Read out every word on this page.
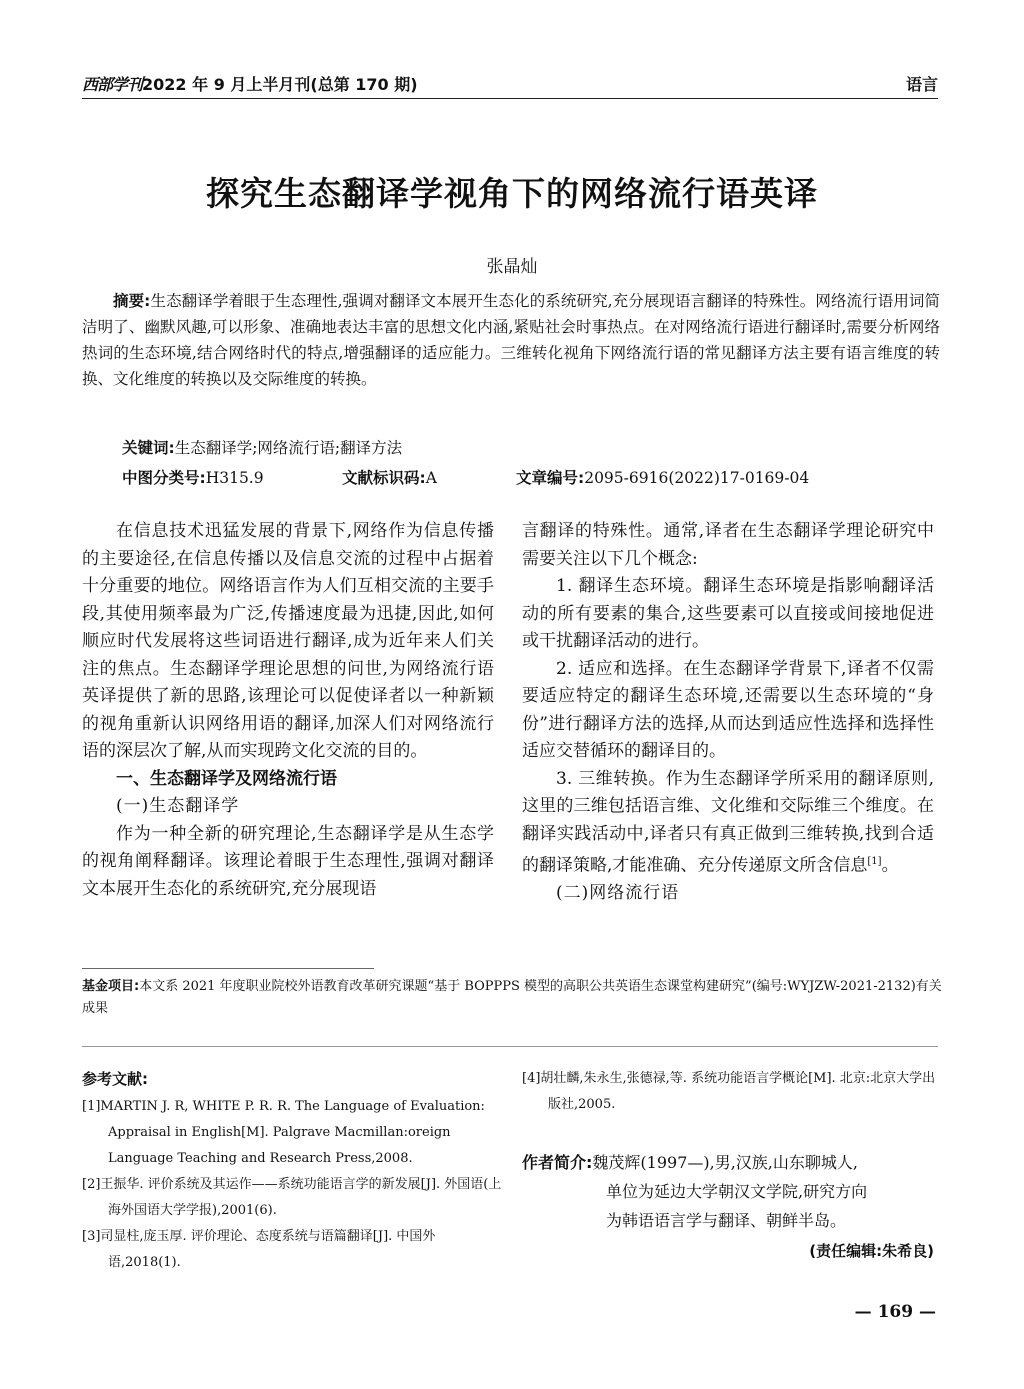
西部学刊2022 年 9 月上半月刊(总第 170 期)	语言
探究生态翻译学视角下的网络流行语英译
张晶灿
摘要:生态翻译学着眼于生态理性,强调对翻译文本展开生态化的系统研究,充分展现语言翻译的特殊性。网络流行语用词简洁明了、幽默风趣,可以形象、准确地表达丰富的思想文化内涵,紧贴社会时事热点。在对网络流行语进行翻译时,需要分析网络热词的生态环境,结合网络时代的特点,增强翻译的适应能力。三维转化视角下网络流行语的常见翻译方法主要有语言维度的转换、文化维度的转换以及交际维度的转换。
关键词:生态翻译学;网络流行语;翻译方法
中图分类号:H315.9	文献标识码:A	文章编号:2095-6916(2022)17-0169-04

在信息技术迅猛发展的背景下,网络作为信息传播的主要途径,在信息传播以及信息交流的过程中占据着十分重要的地位。网络语言作为人们互相交流的主要手段,其使用频率最为广泛,传播速度最为迅捷,因此,如何顺应时代发展将这些词语进行翻译,成为近年来人们关注的焦点。生态翻译学理论思想的问世,为网络流行语英译提供了新的思路,该理论可以促使译者以一种新颖的视角重新认识网络用语的翻译,加深人们对网络流行语的深层次了解,从而实现跨文化交流的目的。

一、生态翻译学及网络流行语

(一)生态翻译学

作为一种全新的研究理论,生态翻译学是从生态学的视角阐释翻译。该理论着眼于生态理性,强调对翻译文本展开生态化的系统研究,充分展现语

言翻译的特殊性。通常,译者在生态翻译学理论研究中需要关注以下几个概念:

1. 翻译生态环境。翻译生态环境是指影响翻译活动的所有要素的集合,这些要素可以直接或间接地促进或干扰翻译活动的进行。

2. 适应和选择。在生态翻译学背景下,译者不仅需要适应特定的翻译生态环境,还需要以生态环境的“身份”进行翻译方法的选择,从而达到适应性选择和选择性适应交替循环的翻译目的。

3. 三维转换。作为生态翻译学所采用的翻译原则,这里的三维包括语言维、文化维和交际维三个维度。在翻译实践活动中,译者只有真正做到三维转换,找到合适的翻译策略,才能准确、充分传递原文所含信息[1]。

(二)网络流行语

基金项目:本文系 2021 年度职业院校外语教育改革研究课题“基于 BOPPPS 模型的高职公共英语生态课堂构建研究”(编号:WYJZW-2021-2132)有关成果
参考文献:

[1]MARTIN J. R, WHITE P. R. R. The Language of Evaluation: Appraisal in English[M]. Palgrave Macmillan:oreign Language Teaching and Research Press,2008.

[2]王振华. 评价系统及其运作——系统功能语言学的新发展[J]. 外国语(上海外国语大学学报),2001(6).

[3]司显柱,庞玉厚. 评价理论、态度系统与语篇翻译[J]. 中国外语,2018(1).

[4]胡壮麟,朱永生,张德禄,等. 系统功能语言学概论[M]. 北京:北京大学出版社,2005.

作者简介:魏茂辉(1997—),男,汉族,山东聊城人,
单位为延边大学朝汉文学院,研究方向
为韩语语言学与翻译、朝鲜半岛。
(责任编辑:朱希良)
— 169 —
